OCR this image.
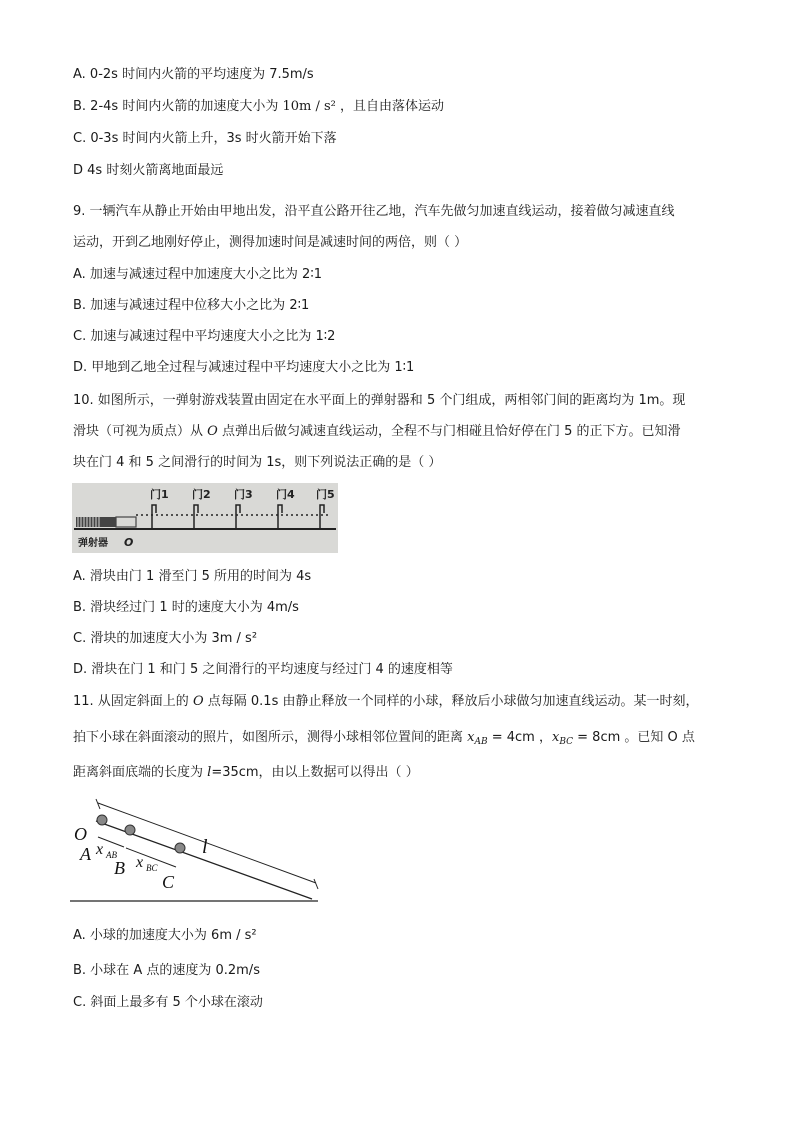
A. 0-2s 时间内火箭的平均速度为 7.5m/s
B. 2-4s 时间内火箭的加速度大小为 10m / s² ，且自由落体运动
C. 0-3s 时间内火箭上升，3s 时火箭开始下落
D 4s 时刻火箭离地面最远
9. 一辆汽车从静止开始由甲地出发，沿平直公路开往乙地，汽车先做匀加速直线运动，接着做匀减速直线
运动，开到乙地刚好停止，测得加速时间是减速时间的两倍，则（ ）
A. 加速与减速过程中加速度大小之比为 2∶1
B. 加速与减速过程中位移大小之比为 2∶1
C. 加速与减速过程中平均速度大小之比为 1∶2
D. 甲地到乙地全过程与减速过程中平均速度大小之比为 1∶1
10. 如图所示，一弹射游戏装置由固定在水平面上的弹射器和 5 个门组成，两相邻门间的距离均为 1m。现
滑块（可视为质点）从 O 点弹出后做匀减速直线运动，全程不与门相碰且恰好停在门 5 的正下方。已知滑
块在门 4 和 5 之间滑行的时间为 1s，则下列说法正确的是（ ）
门1 门2 门3 门4 门5
弹射器 O
A. 滑块由门 1 滑至门 5 所用的时间为 4s
B. 滑块经过门 1 时的速度大小为 4m/s
C. 滑块的加速度大小为 3m / s²
D. 滑块在门 1 和门 5 之间滑行的平均速度与经过门 4 的速度相等
11. 从固定斜面上的 O 点每隔 0.1s 由静止释放一个同样的小球，释放后小球做匀加速直线运动。某一时刻，
拍下小球在斜面滚动的照片，如图所示，测得小球相邻位置间的距离 $x_{AB} = 4cm$ ，$x_{BC} = 8cm$ 。已知 O 点
距离斜面底端的长度为 l=35cm，由以上数据可以得出（ ）
O
A
B
C
l
x AB x BC
A. 小球的加速度大小为 6m / s²
B. 小球在 A 点的速度为 0.2m/s
C. 斜面上最多有 5 个小球在滚动
